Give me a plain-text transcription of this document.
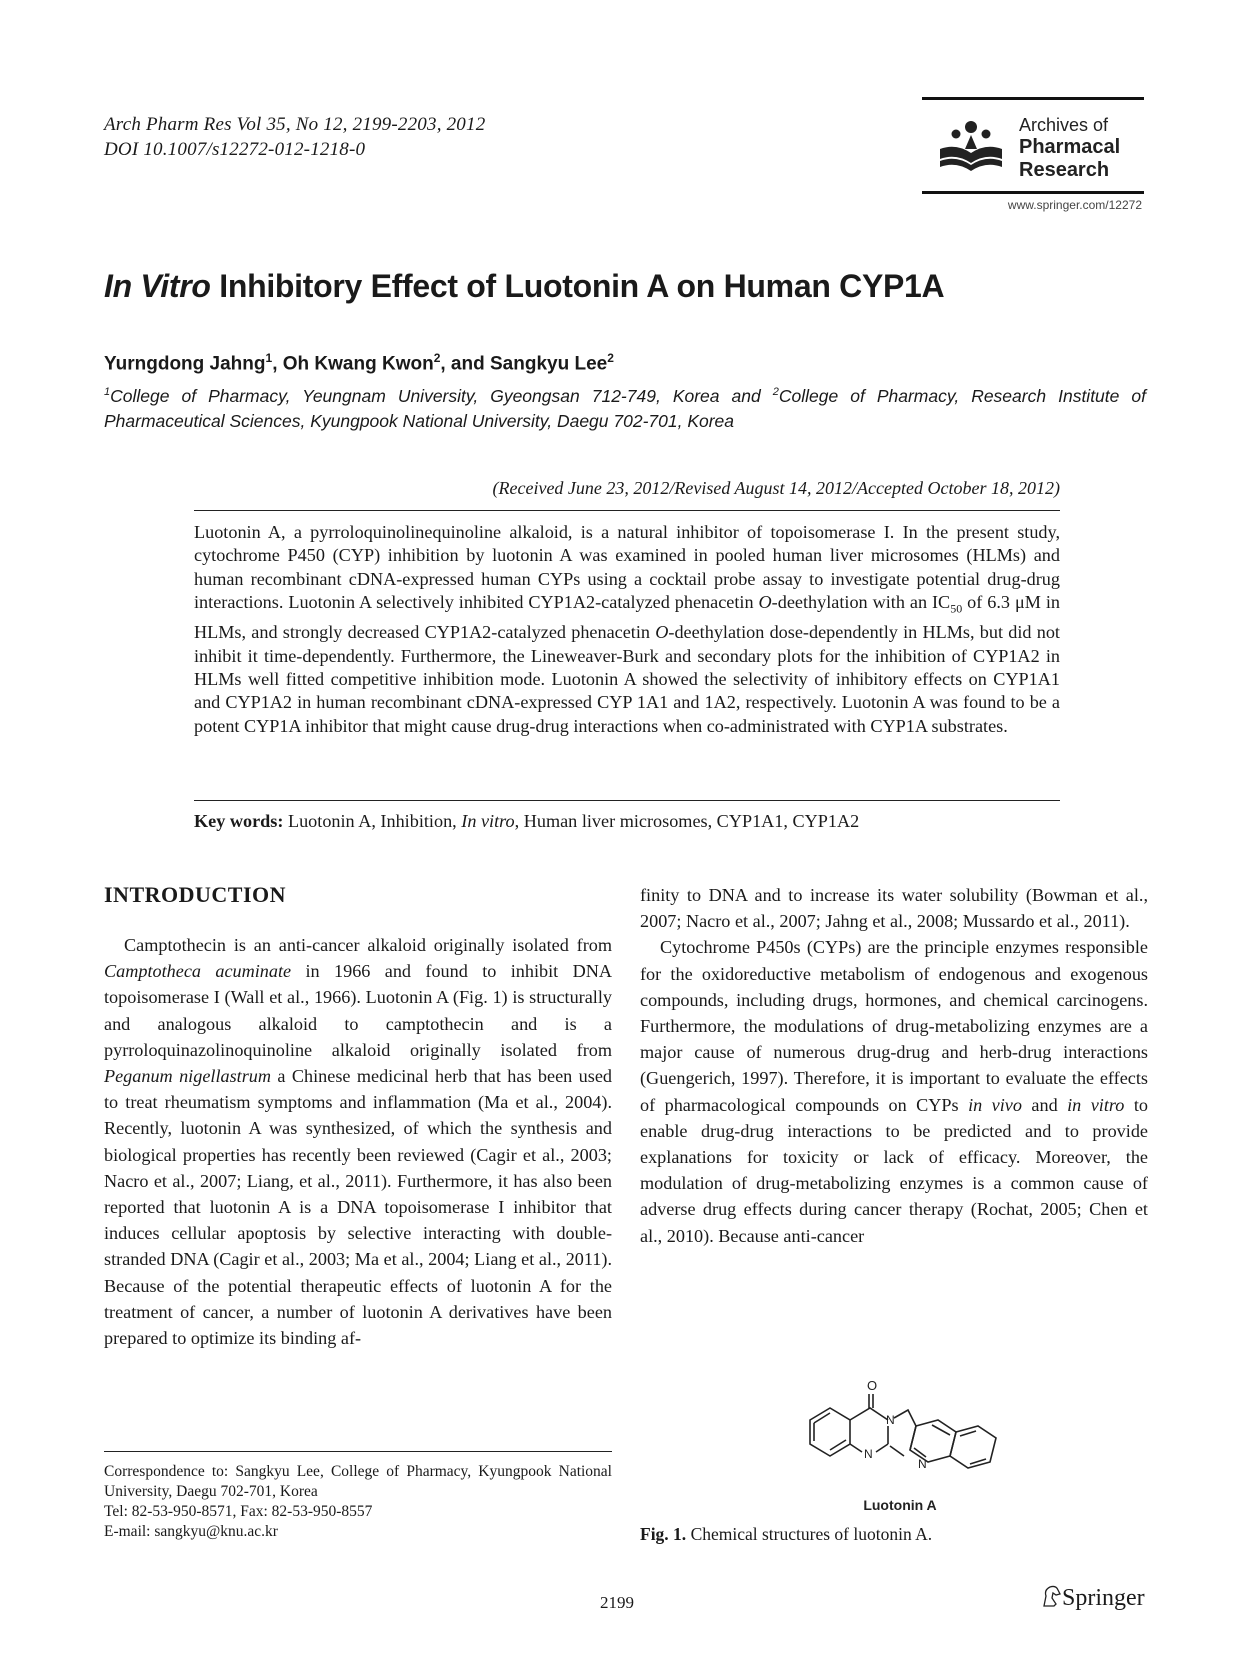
Arch Pharm Res Vol 35, No 12, 2199-2203, 2012
DOI 10.1007/s12272-012-1218-0
Archives of
Pharmacal
Research
www.springer.com/12272
In Vitro Inhibitory Effect of Luotonin A on Human CYP1A
Yurngdong Jahng$^1$, Oh Kwang Kwon$^2$, and Sangkyu Lee$^2$
$^1$College of Pharmacy, Yeungnam University, Gyeongsan 712-749, Korea and $^2$College of Pharmacy, Research Institute of Pharmaceutical Sciences, Kyungpook National University, Daegu 702-701, Korea
(Received June 23, 2012/Revised August 14, 2012/Accepted October 18, 2012)
Luotonin A, a pyrroloquinolinequinoline alkaloid, is a natural inhibitor of topoisomerase I. In the present study, cytochrome P450 (CYP) inhibition by luotonin A was examined in pooled human liver microsomes (HLMs) and human recombinant cDNA-expressed human CYPs using a cocktail probe assay to investigate potential drug-drug interactions. Luotonin A selectively inhibited CYP1A2-catalyzed phenacetin O-deethylation with an $IC_{50}$ of 6.3 μM in HLMs, and strongly decreased CYP1A2-catalyzed phenacetin O-deethylation dose-dependently in HLMs, but did not inhibit it time-dependently. Furthermore, the Lineweaver-Burk and secondary plots for the inhibition of CYP1A2 in HLMs well fitted competitive inhibition mode. Luotonin A showed the selectivity of inhibitory effects on CYP1A1 and CYP1A2 in human recombinant cDNA-expressed CYP 1A1 and 1A2, respectively. Luotonin A was found to be a potent CYP1A inhibitor that might cause drug-drug interactions when co-administrated with CYP1A substrates.
Key words: Luotonin A, Inhibition, In vitro, Human liver microsomes, CYP1A1, CYP1A2
INTRODUCTION

Camptothecin is an anti-cancer alkaloid originally isolated from Camptotheca acuminate in 1966 and found to inhibit DNA topoisomerase I (Wall et al., 1966). Luotonin A (Fig. 1) is structurally and analogous alkaloid to camptothecin and is a pyrroloquinazolinoquinoline alkaloid originally isolated from Peganum nigellastrum a Chinese medicinal herb that has been used to treat rheumatism symptoms and inflammation (Ma et al., 2004). Recently, luotonin A was synthesized, of which the synthesis and biological properties has recently been reviewed (Cagir et al., 2003; Nacro et al., 2007; Liang, et al., 2011). Furthermore, it has also been reported that luotonin A is a DNA topoisomerase I inhibitor that induces cellular apoptosis by selective interacting with double-stranded DNA (Cagir et al., 2003; Ma et al., 2004; Liang et al., 2011). Because of the potential therapeutic effects of luotonin A for the treatment of cancer, a number of luotonin A derivatives have been prepared to optimize its binding af-

Correspondence to: Sangkyu Lee, College of Pharmacy, Kyungpook National University, Daegu 702-701, Korea
Tel: 82-53-950-8571, Fax: 82-53-950-8557
E-mail: sangkyu@knu.ac.kr

finity to DNA and to increase its water solubility (Bowman et al., 2007; Nacro et al., 2007; Jahng et al., 2008; Mussardo et al., 2011).

Cytochrome P450s (CYPs) are the principle enzymes responsible for the oxidoreductive metabolism of endogenous and exogenous compounds, including drugs, hormones, and chemical carcinogens. Furthermore, the modulations of drug-metabolizing enzymes are a major cause of numerous drug-drug and herb-drug interactions (Guengerich, 1997). Therefore, it is important to evaluate the effects of pharmacological compounds on CYPs in vivo and in vitro to enable drug-drug interactions to be predicted and to provide explanations for toxicity or lack of efficacy. Moreover, the modulation of drug-metabolizing enzymes is a common cause of adverse drug effects during cancer therapy (Rochat, 2005; Chen et al., 2010). Because anti-cancer

O
N
N
N
Luotonin A
Fig. 1. Chemical structures of luotonin A.
2199	Springer
